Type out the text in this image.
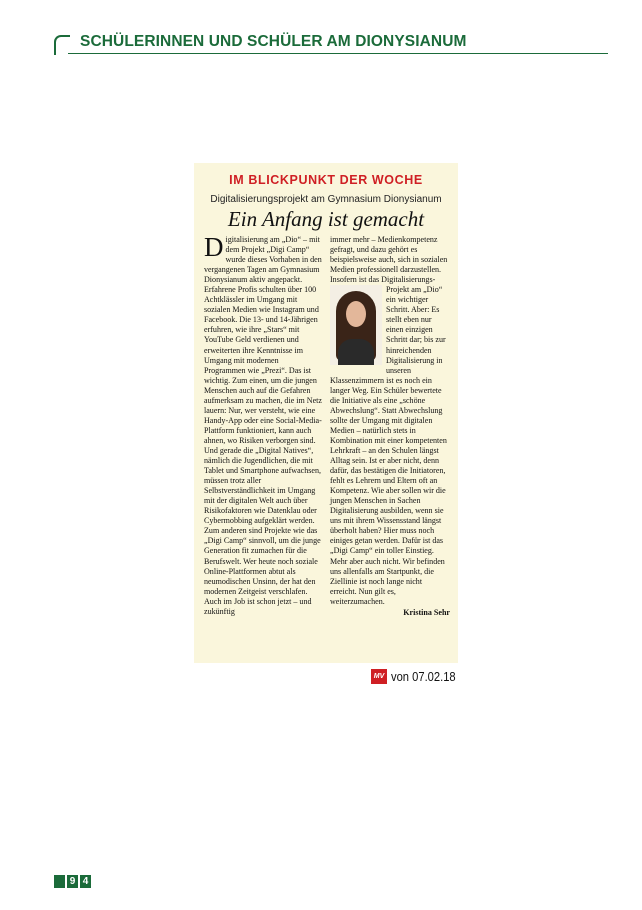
SCHÜLERINNEN UND SCHÜLER AM DIONYSIANUM
IM BLICKPUNKT DER WOCHE
Digitalisierungsprojekt am Gymnasium Dionysianum
Ein Anfang ist gemacht
Digitalisierung am „Dio“ – mit dem Projekt „Digi Camp“ wurde dieses Vorhaben in den vergangenen Tagen am Gymnasium Dionysianum aktiv angepackt. Erfahrene Profis schulten über 100 Achtklässler im Umgang mit sozialen Medien wie Instagram und Facebook. Die 13- und 14-Jährigen erfuhren, wie ihre „Stars“ mit YouTube Geld verdienen und erweiterten ihre Kenntnisse im Umgang mit modernen Programmen wie „Prezi“. Das ist wichtig. Zum einen, um die jungen Menschen auch auf die Gefahren aufmerksam zu machen, die im Netz lauern: Nur, wer versteht, wie eine Handy-App oder eine Social-Media-Plattform funktioniert, kann auch ahnen, wo Risiken verborgen sind. Und gerade die „Digital Natives“, nämlich die Jugendlichen, die mit Tablet und Smartphone aufwachsen, müssen trotz aller Selbstverständlichkeit im Umgang mit der digitalen Welt auch über Risikofaktoren wie Datenklau oder Cybermobbing aufgeklärt werden. Zum anderen sind Projekte wie das „Digi Camp“ sinnvoll, um die junge Generation fit zumachen für die Berufswelt. Wer heute noch soziale Online-Plattformen abtut als neumodischen Unsinn, der hat den modernen Zeitgeist verschlafen. Auch im Job ist schon jetzt – und zukünftig
immer mehr – Medienkompetenz gefragt, und dazu gehört es beispielsweise auch, sich in sozialen Medien professionell darzustellen. Insofern ist das Digitalisierungs-Projekt am „Dio“ ein wichtiger Schritt. Aber: Es stellt eben nur einen einzigen Schritt dar; bis zur hinreichenden Digitalisierung in unseren Klassenzimmern ist es noch ein langer Weg. Ein Schüler bewertete die Initiative als eine „schöne Abwechslung“. Statt Abwechslung sollte der Umgang mit digitalen Medien – natürlich stets in Kombination mit einer kompetenten Lehrkraft – an den Schulen längst Alltag sein. Ist er aber nicht, denn dafür, das bestätigen die Initiatoren, fehlt es Lehrern und Eltern oft an Kompetenz. Wie aber sollen wir die jungen Menschen in Sachen Digitalisierung ausbilden, wenn sie uns mit ihrem Wissensstand längst überholt haben? Hier muss noch einiges getan werden. Dafür ist das „Digi Camp“ ein toller Einstieg. Mehr aber auch nicht. Wir befinden uns allenfalls am Startpunkt, die Ziellinie ist noch lange nicht erreicht. Nun gilt es, weiterzumachen.
Kristina Sehr
MV von 07.02.18
9 4
